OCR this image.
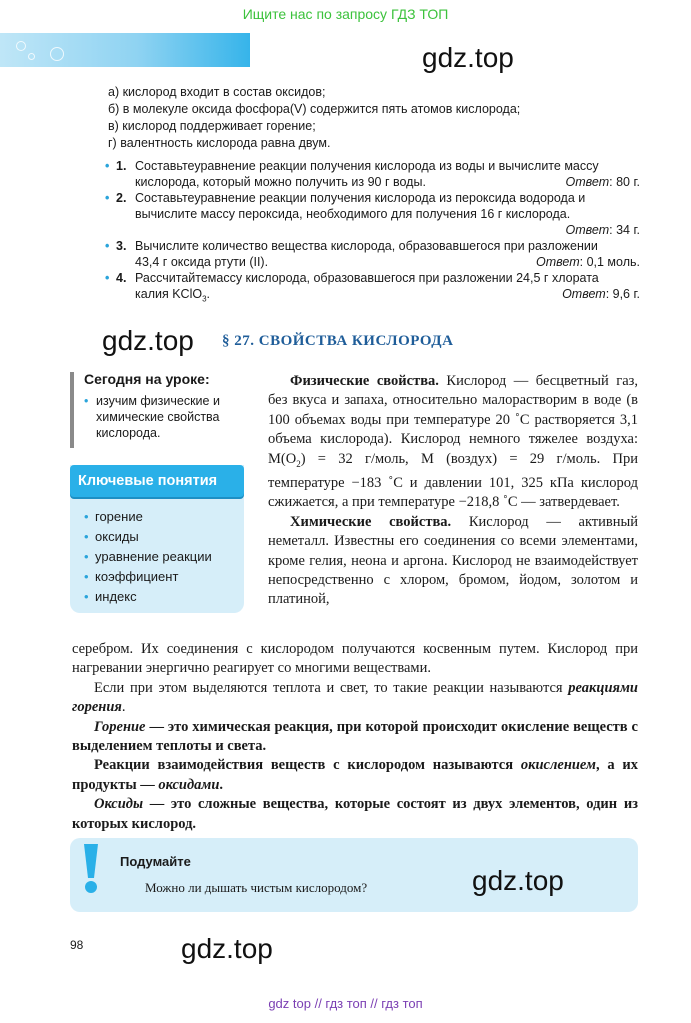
Ищите нас по запросу ГДЗ ТОП
gdz.top
а) кислород входит в состав оксидов;
б) в молекуле оксида фосфора(V) содержится пять атомов кислорода;
в) кислород поддерживает горение;
г) валентность кислорода равна двум.
• 1. Составьтеуравнение реакции получения кислорода из воды и вычислите массу
кислорода, который можно получить из 90 г воды.	Ответ: 80 г.
• 2. Составьтеуравнение реакции получения кислорода из пероксида водорода и
вычислите массу пероксида, необходимого для получения 16 г кислорода.
Ответ: 34 г.
• 3. Вычислите количество вещества кислорода, образовавшегося при разложении
43,4 г оксида ртути (II).	Ответ: 0,1 моль.
• 4. Рассчитайтемассу кислорода, образовавшегося при разложении 24,5 г хлората
калия KClO$_3$.	Ответ: 9,6 г.
gdz.top § 27. СВОЙСТВА КИСЛОРОДА
Сегодня на уроке:
• изучим физические и химические свойства кислорода.
Ключевые понятия
• горение
• оксиды
• уравнение реакции
• коэффициент
• индекс

Физические свойства. Кислород — бесцветный газ, без вкуса и запаха, относительно малорастворим в воде (в 100 объемах воды при температуре 20 ˚С растворяется 3,1 объема кислорода). Кислород немного тяжелее воздуха: $M(O_2) = 32$ г/моль, M (воздух) = 29 г/моль. При температуре −183 ˚С и давлении 101, 325 кПа кислород сжижается, а при температуре −218,8 ˚С — затвердевает.

Химические свойства. Кислород — активный неметалл. Известны его соединения со всеми элементами, кроме гелия, неона и аргона. Кислород не взаимодействует непосредственно с хлором, бромом, йодом, золотом и платиной,

серебром. Их соединения с кислородом получаются косвенным путем. Кислород при нагревании энергично реагирует со многими веществами.

Если при этом выделяются теплота и свет, то такие реакции называются реакциями горения.

Горение — это химическая реакция, при которой происходит окисление веществ с выделением теплоты и света.

Реакции взаимодействия веществ с кислородом называются окислением, а их продукты — оксидами.

Оксиды — это сложные вещества, которые состоят из двух элементов, один из которых кислород.

Подумайте
Можно ли дышать чистым кислородом?	gdz.top
98	gdz.top
gdz top // гдз топ // гдз топ
